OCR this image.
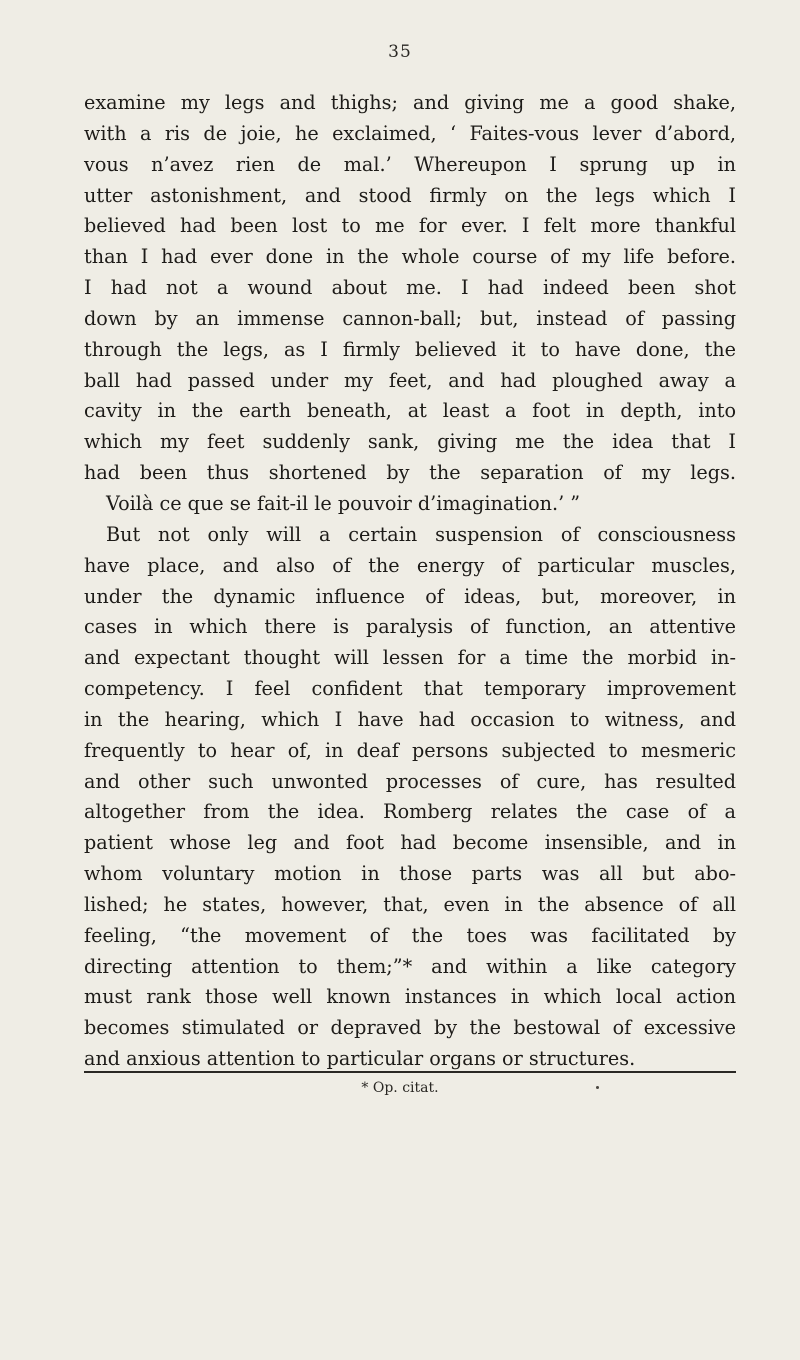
35
examine my legs and thighs; and giving me a good shake,
with a ris de joie, he exclaimed, ‘ Faites-vous lever d’abord,
vous n’avez rien de mal.’ Whereupon I sprung up in
utter astonishment, and stood firmly on the legs which I
believed had been lost to me for ever. I felt more thankful
than I had ever done in the whole course of my life before.
I had not a wound about me. I had indeed been shot
down by an immense cannon-ball; but, instead of passing
through the legs, as I firmly believed it to have done, the
ball had passed under my feet, and had ploughed away a
cavity in the earth beneath, at least a foot in depth, into
which my feet suddenly sank, giving me the idea that I
had been thus shortened by the separation of my legs.
Voilà ce que se fait-il le pouvoir d’imagination.’ ”
But not only will a certain suspension of consciousness
have place, and also of the energy of particular muscles,
under the dynamic influence of ideas, but, moreover, in
cases in which there is paralysis of function, an attentive
and expectant thought will lessen for a time the morbid in-
competency. I feel confident that temporary improvement
in the hearing, which I have had occasion to witness, and
frequently to hear of, in deaf persons subjected to mesmeric
and other such unwonted processes of cure, has resulted
altogether from the idea. Romberg relates the case of a
patient whose leg and foot had become insensible, and in
whom voluntary motion in those parts was all but abo-
lished; he states, however, that, even in the absence of all
feeling, “the movement of the toes was facilitated by
directing attention to them;”* and within a like category
must rank those well known instances in which local action
becomes stimulated or depraved by the bestowal of excessive
and anxious attention to particular organs or structures.
* Op. citat.
